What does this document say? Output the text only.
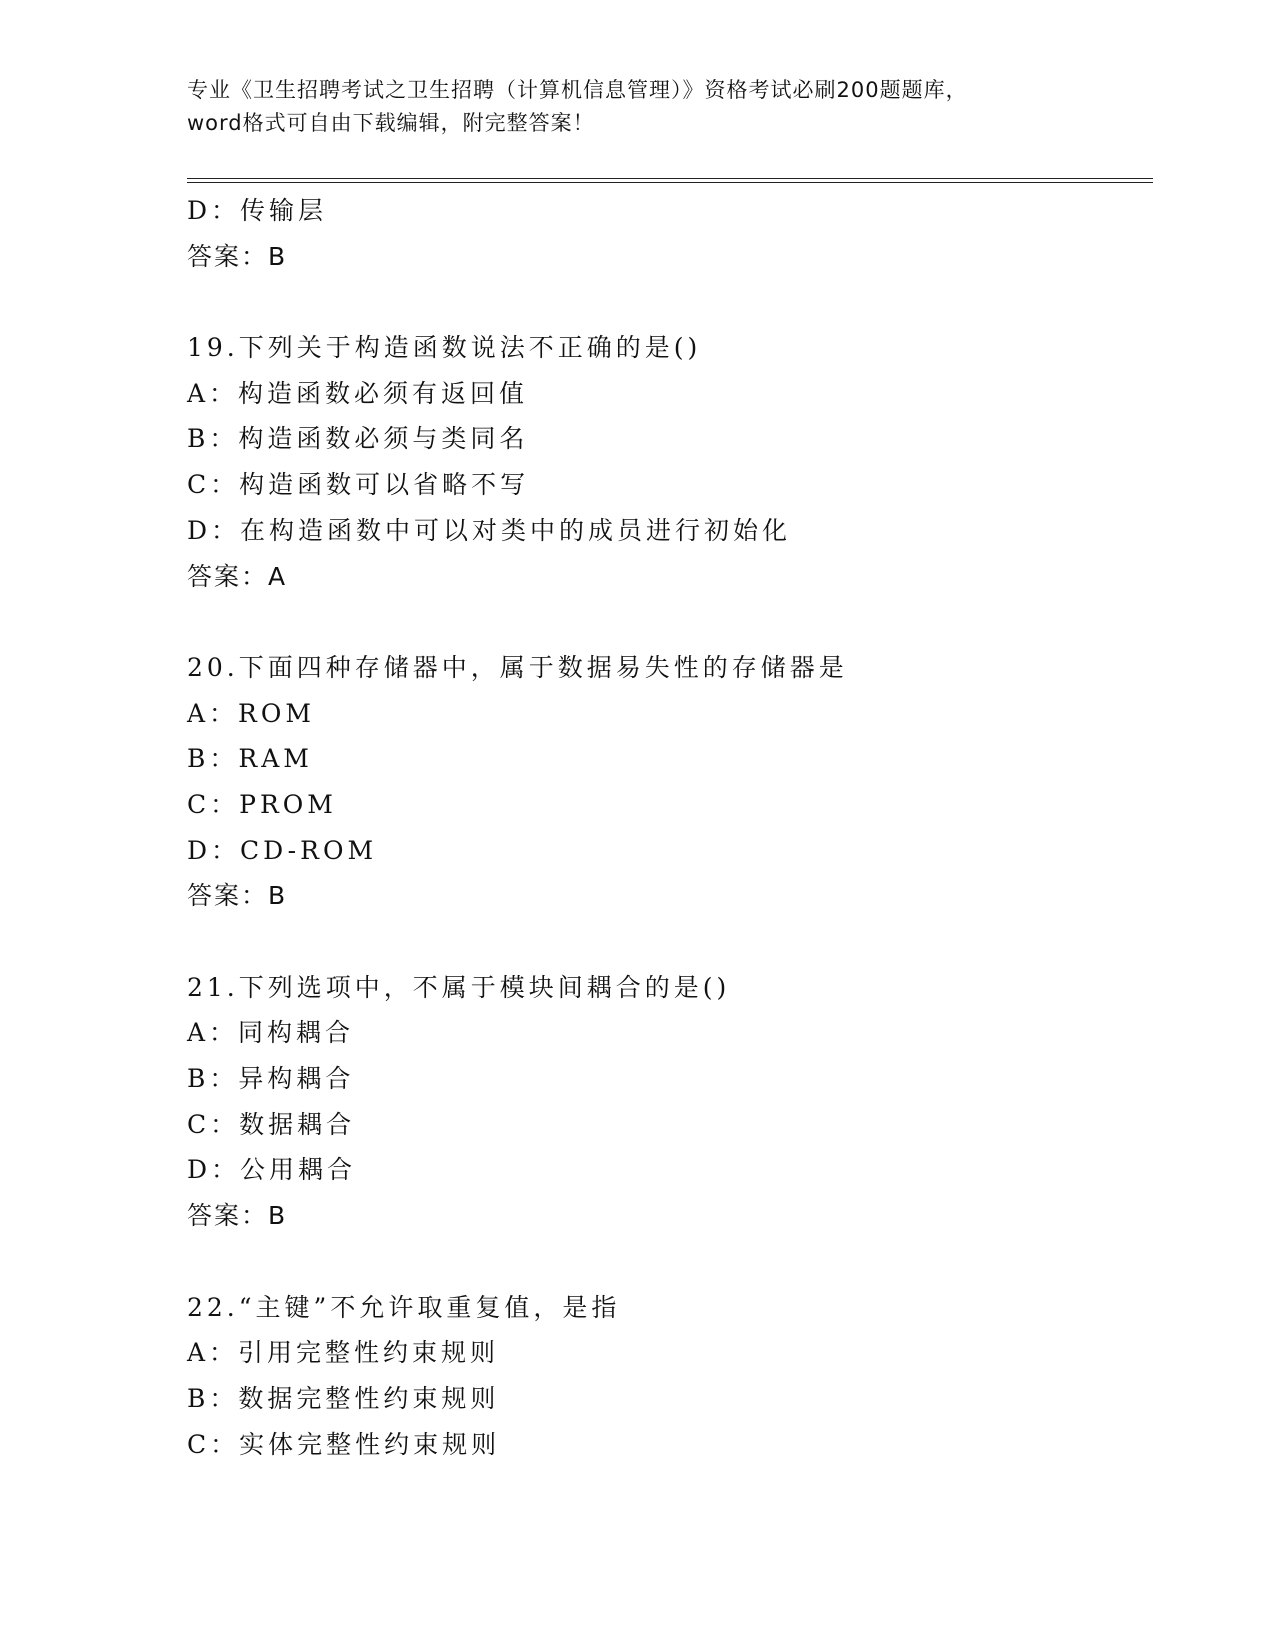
专业《卫生招聘考试之卫生招聘（计算机信息管理）》资格考试必刷200题题库，
word格式可自由下载编辑，附完整答案！
D：传输层
答案：B
19.下列关于构造函数说法不正确的是()
A：构造函数必须有返回值
B：构造函数必须与类同名
C：构造函数可以省略不写
D：在构造函数中可以对类中的成员进行初始化
答案：A
20.下面四种存储器中，属于数据易失性的存储器是
A：ROM
B：RAM
C：PROM
D：CD-ROM
答案：B
21.下列选项中，不属于模块间耦合的是()
A：同构耦合
B：异构耦合
C：数据耦合
D：公用耦合
答案：B
22.“主键”不允许取重复值，是指
A：引用完整性约束规则
B：数据完整性约束规则
C：实体完整性约束规则
